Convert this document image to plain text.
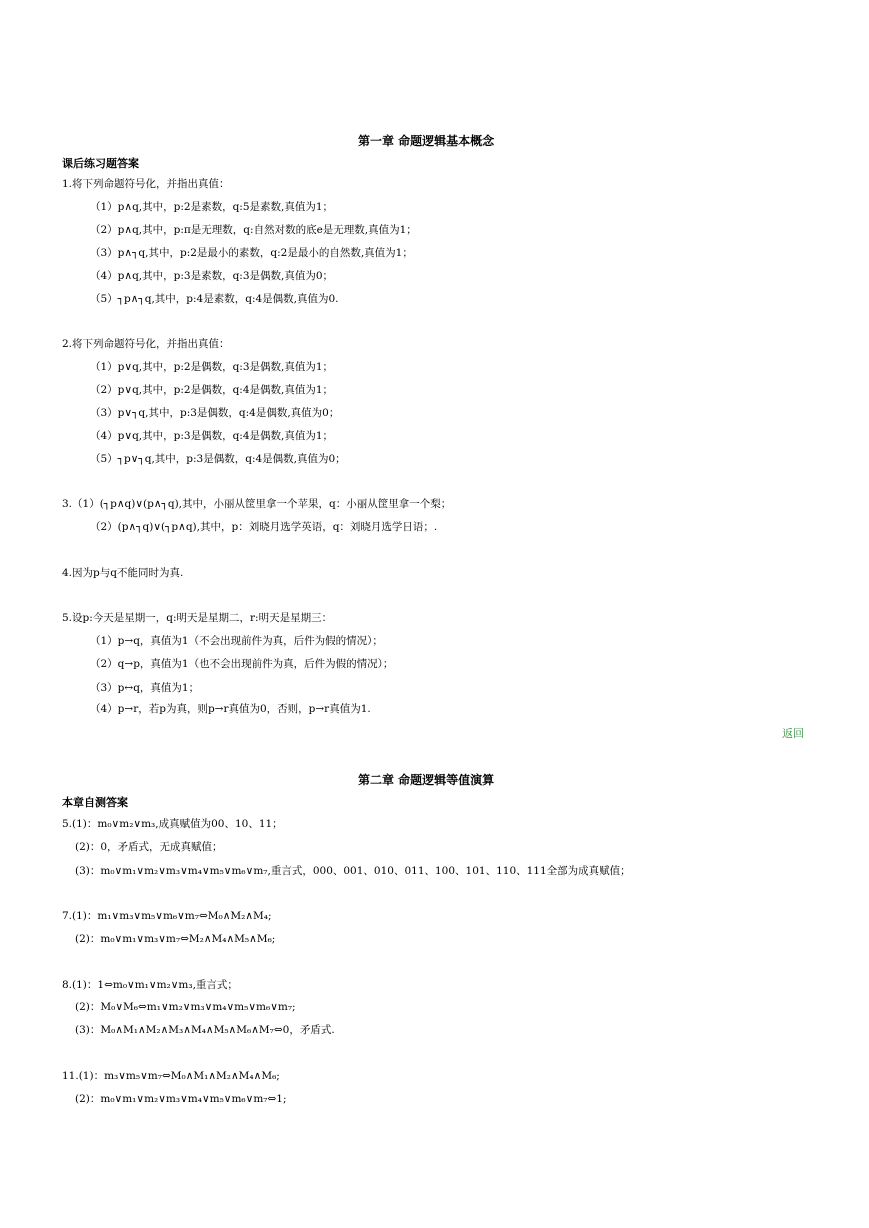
第一章 命题逻辑基本概念
课后练习题答案
1.将下列命题符号化，并指出真值：
（1）p∧q,其中，p:2是素数，q:5是素数,真值为1；
（2）p∧q,其中，p:π是无理数，q:自然对数的底e是无理数,真值为1；
（3）p∧┐q,其中，p:2是最小的素数，q:2是最小的自然数,真值为1；
（4）p∧q,其中，p:3是素数，q:3是偶数,真值为0；
（5）┐p∧┐q,其中，p:4是素数，q:4是偶数,真值为0.
2.将下列命题符号化，并指出真值：
（1）p∨q,其中，p:2是偶数，q:3是偶数,真值为1；
（2）p∨q,其中，p:2是偶数，q:4是偶数,真值为1；
（3）p∨┐q,其中，p:3是偶数，q:4是偶数,真值为0；
（4）p∨q,其中，p:3是偶数，q:4是偶数,真值为1；
（5）┐p∨┐q,其中，p:3是偶数，q:4是偶数,真值为0；
3.（1）(┐p∧q)∨(p∧┐q),其中，小丽从筐里拿一个苹果，q：小丽从筐里拿一个梨；
（2）(p∧┐q)∨(┐p∧q),其中，p：刘晓月选学英语，q：刘晓月选学日语；.
4.因为p与q不能同时为真.
5.设p:今天是星期一，q:明天是星期二，r:明天是星期三：
（1）p→q，真值为1（不会出现前件为真，后件为假的情况）；
（2）q→p，真值为1（也不会出现前件为真，后件为假的情况）；
（3）p↔q，真值为1；
（4）p→r，若p为真，则p→r真值为0，否则，p→r真值为1.
返回
第二章 命题逻辑等值演算
本章自测答案
5.(1)：m₀∨m₂∨m₃,成真赋值为00、10、11；
(2)：0，矛盾式，无成真赋值；
(3)：m₀∨m₁∨m₂∨m₃∨m₄∨m₅∨m₆∨m₇,重言式，000、001、010、011、100、101、110、111全部为成真赋值；
7.(1)：m₁∨m₃∨m₅∨m₆∨m₇⇔M₀∧M₂∧M₄;
(2)：m₀∨m₁∨m₃∨m₇⇔M₂∧M₄∧M₅∧M₆;
8.(1)：1⇔m₀∨m₁∨m₂∨m₃,重言式；
(2)：M₀∨M₆⇔m₁∨m₂∨m₃∨m₄∨m₅∨m₆∨m₇;
(3)：M₀∧M₁∧M₂∧M₃∧M₄∧M₅∧M₆∧M₇⇔0，矛盾式.
11.(1)：m₃∨m₅∨m₇⇔M₀∧M₁∧M₂∧M₄∧M₆;
(2)：m₀∨m₁∨m₂∨m₃∨m₄∨m₅∨m₆∨m₇⇔1;
